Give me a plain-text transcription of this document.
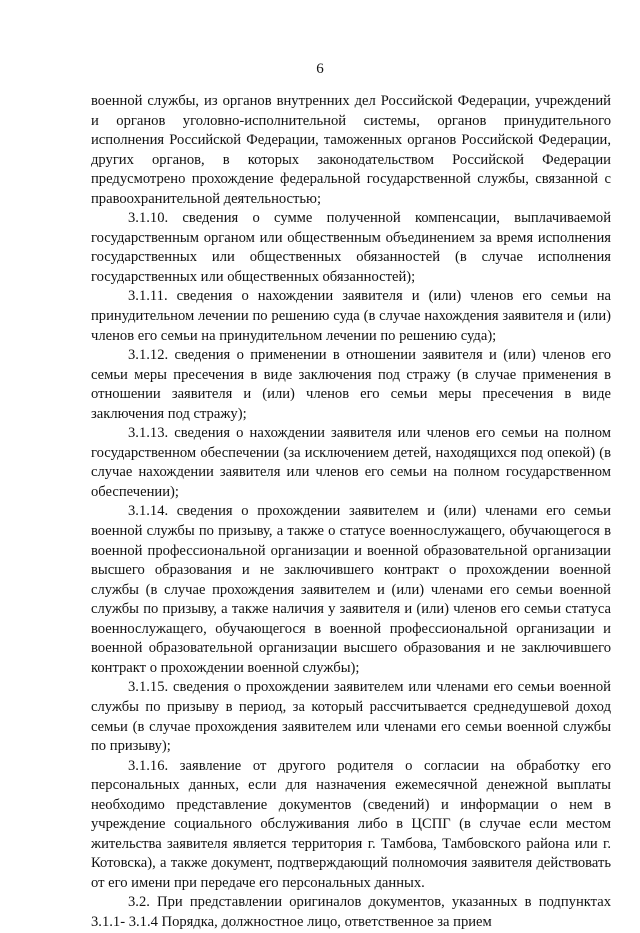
6

военной службы, из органов внутренних дел Российской Федерации, учреждений и органов уголовно-исполнительной системы, органов принудительного исполнения Российской Федерации, таможенных органов Российской Федерации, других органов, в которых законодательством Российской Федерации предусмотрено прохождение федеральной государственной службы, связанной с правоохранительной деятельностью;

3.1.10. сведения о сумме полученной компенсации, выплачиваемой государственным органом или общественным объединением за время исполнения государственных или общественных обязанностей (в случае исполнения государственных или общественных обязанностей);

3.1.11. сведения о нахождении заявителя и (или) членов его семьи на принудительном лечении по решению суда (в случае нахождения заявителя и (или) членов его семьи на принудительном лечении по решению суда);

3.1.12. сведения о применении в отношении заявителя и (или) членов его семьи меры пресечения в виде заключения под стражу (в случае применения в отношении заявителя и (или) членов его семьи меры пресечения в виде заключения под стражу);

3.1.13. сведения о нахождении заявителя или членов его семьи на полном государственном обеспечении (за исключением детей, находящихся под опекой) (в случае нахождении заявителя или членов его семьи на полном государственном обеспечении);

3.1.14. сведения о прохождении заявителем и (или) членами его семьи военной службы по призыву, а также о статусе военнослужащего, обучающегося в военной профессиональной организации и военной образовательной организации высшего образования и не заключившего контракт о прохождении военной службы (в случае прохождения заявителем и (или) членами его семьи военной службы по призыву, а также наличия у заявителя и (или) членов его семьи статуса военнослужащего, обучающегося в военной профессиональной организации и военной образовательной организации высшего образования и не заключившего контракт о прохождении военной службы);

3.1.15. сведения о прохождении заявителем или членами его семьи военной службы по призыву в период, за который рассчитывается среднедушевой доход семьи (в случае прохождения заявителем или членами его семьи военной службы по призыву);

3.1.16. заявление от другого родителя о согласии на обработку его персональных данных, если для назначения ежемесячной денежной выплаты необходимо представление документов (сведений) и информации о нем в учреждение социального обслуживания либо в ЦСПГ (в случае если местом жительства заявителя является территория г. Тамбова, Тамбовского района или г. Котовска), а также документ, подтверждающий полномочия заявителя действовать от его имени при передаче его персональных данных.

3.2. При представлении оригиналов документов, указанных в подпунктах 3.1.1- 3.1.4 Порядка, должностное лицо, ответственное за прием
